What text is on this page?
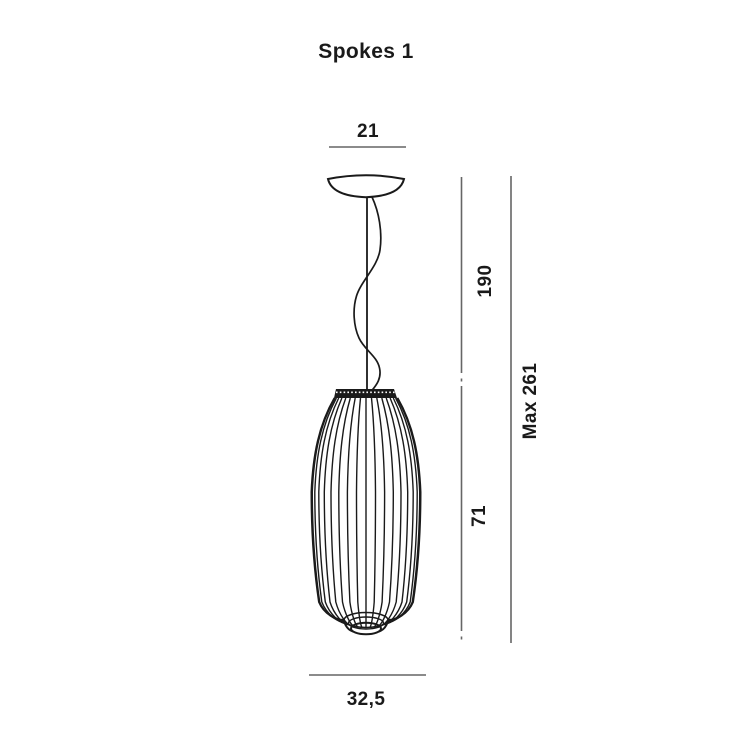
Spokes 1
21
190
Max 261
71
32,5
